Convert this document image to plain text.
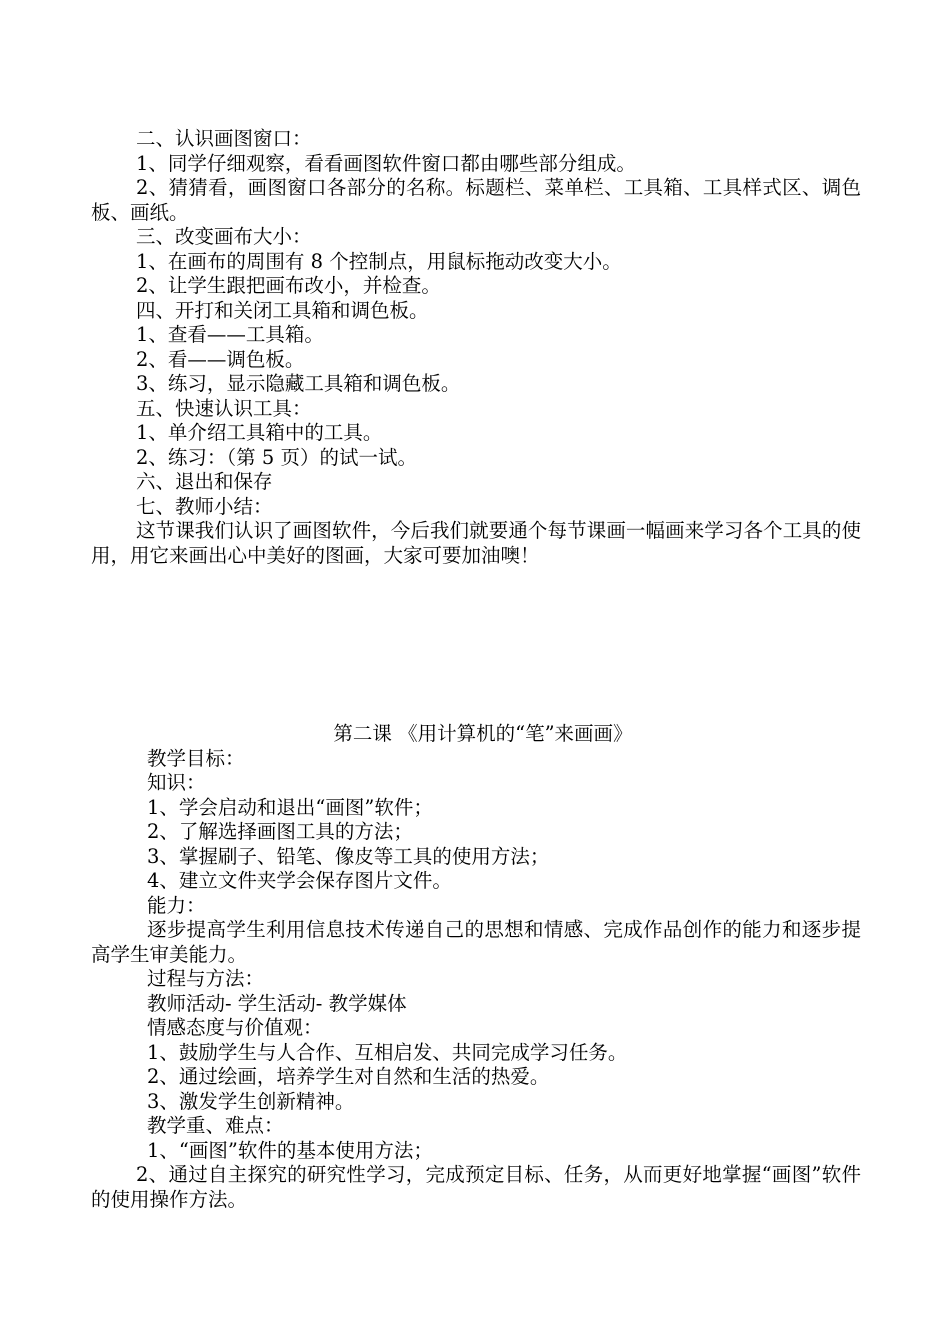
二、认识画图窗口：

1、同学仔细观察，看看画图软件窗口都由哪些部分组成。

2、猜猜看，画图窗口各部分的名称。标题栏、菜单栏、工具箱、工具样式区、调色板、画纸。

三、改变画布大小：

1、在画布的周围有 8 个控制点，用鼠标拖动改变大小。

2、让学生跟把画布改小，并检查。

四、开打和关闭工具箱和调色板。

1、查看——工具箱。

2、看——调色板。

3、练习，显示隐藏工具箱和调色板。

五、快速认识工具：

1、单介绍工具箱中的工具。

2、练习：（第 5 页）的试一试。

六、退出和保存

七、教师小结：

这节课我们认识了画图软件，今后我们就要通个每节课画一幅画来学习各个工具的使用，用它来画出心中美好的图画，大家可要加油噢！

第二课 《用计算机的“笔”来画画》

教学目标：

知识：

1、学会启动和退出“画图”软件；

2、了解选择画图工具的方法；

3、掌握刷子、铅笔、像皮等工具的使用方法；

4、建立文件夹学会保存图片文件。

能力：

逐步提高学生利用信息技术传递自己的思想和情感、完成作品创作的能力和逐步提高学生审美能力。

过程与方法：

教师活动- 学生活动- 教学媒体

情感态度与价值观：

1、鼓励学生与人合作、互相启发、共同完成学习任务。

2、通过绘画，培养学生对自然和生活的热爱。

3、激发学生创新精神。

教学重、难点：

1、“画图”软件的基本使用方法；

2、通过自主探究的研究性学习，完成预定目标、任务，从而更好地掌握“画图”软件的使用操作方法。
